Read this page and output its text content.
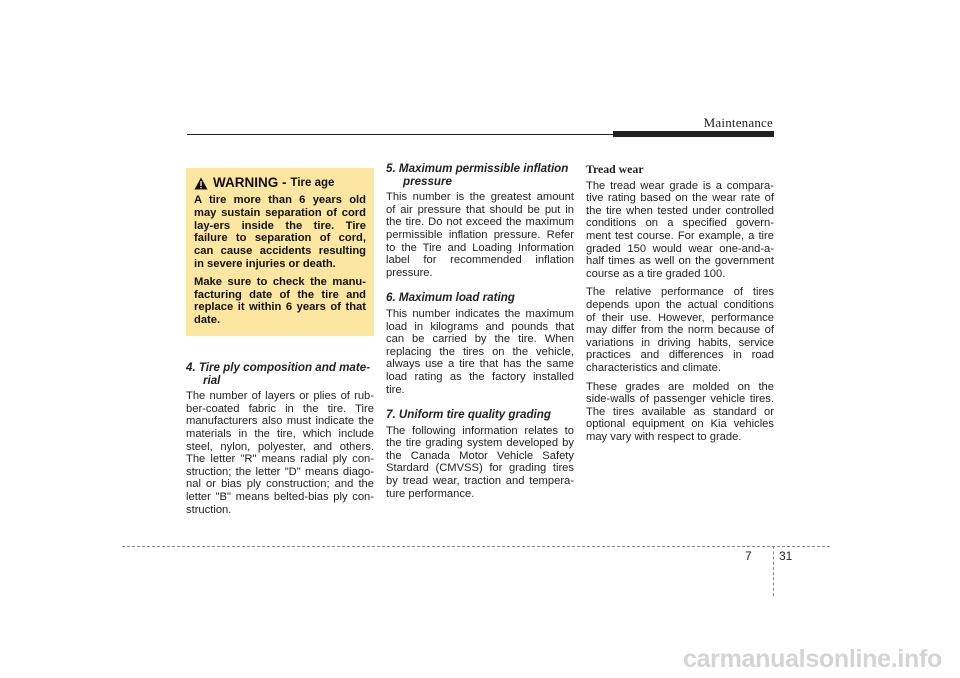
Maintenance
WARNING - Tire age

A tire more than 6 years old may sustain separation of cord lay-ers inside the tire. Tire failure to separation of cord, can cause accidents resulting in severe injuries or death.

Make sure to check the manu-facturing date of the tire and replace it within 6 years of that date.

4. Tire ply composition and mate-
rial

The number of layers or plies of rub-ber-coated fabric in the tire. Tire manufacturers also must indicate the materials in the tire, which include steel, nylon, polyester, and others. The letter "R" means radial ply con-struction; the letter "D" means diago-nal or bias ply construction; and the letter "B" means belted-bias ply con-struction.

5. Maximum permissible inflation
pressure

This number is the greatest amount of air pressure that should be put in the tire. Do not exceed the maximum permissible inflation pressure. Refer to the Tire and Loading Information label for recommended inflation pressure.

6. Maximum load rating

This number indicates the maximum load in kilograms and pounds that can be carried by the tire. When replacing the tires on the vehicle, always use a tire that has the same load rating as the factory installed tire.

7. Uniform tire quality grading

The following information relates to the tire grading system developed by the Canada Motor Vehicle Safety Stardard (CMVSS) for grading tires by tread wear, traction and tempera-ture performance.

Tread wear

The tread wear grade is a compara-tive rating based on the wear rate of the tire when tested under controlled conditions on a specified govern-ment test course. For example, a tire graded 150 would wear one-and-a-half times as well on the government course as a tire graded 100.

The relative performance of tires depends upon the actual conditions of their use. However, performance may differ from the norm because of variations in driving habits, service practices and differences in road characteristics and climate.

These grades are molded on the side-walls of passenger vehicle tires. The tires available as standard or optional equipment on Kia vehicles may vary with respect to grade.

7 31
carmanualsonline.info
